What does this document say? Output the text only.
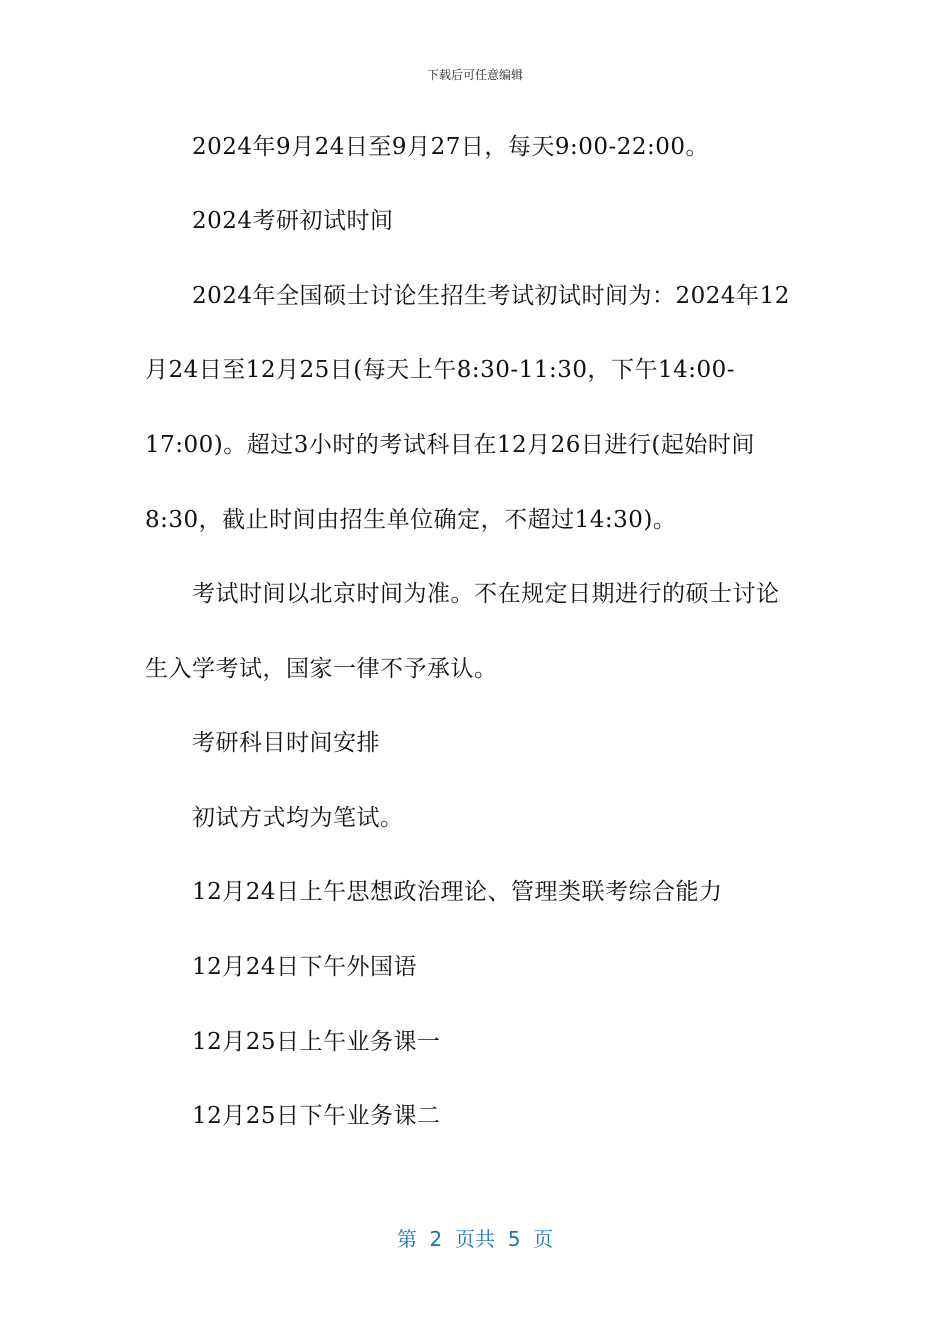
下载后可任意编辑
2024年9月24日至9月27日，每天9:00-22:00。
2024考研初试时间
2024年全国硕士讨论生招生考试初试时间为：2024年12
月24日至12月25日(每天上午8:30-11:30，下午14:00-
17:00)。超过3小时的考试科目在12月26日进行(起始时间
8:30，截止时间由招生单位确定，不超过14:30)。
考试时间以北京时间为准。不在规定日期进行的硕士讨论
生入学考试，国家一律不予承认。
考研科目时间安排
初试方式均为笔试。
12月24日上午思想政治理论、管理类联考综合能力
12月24日下午外国语
12月25日上午业务课一
12月25日下午业务课二
第  2  页共  5  页
